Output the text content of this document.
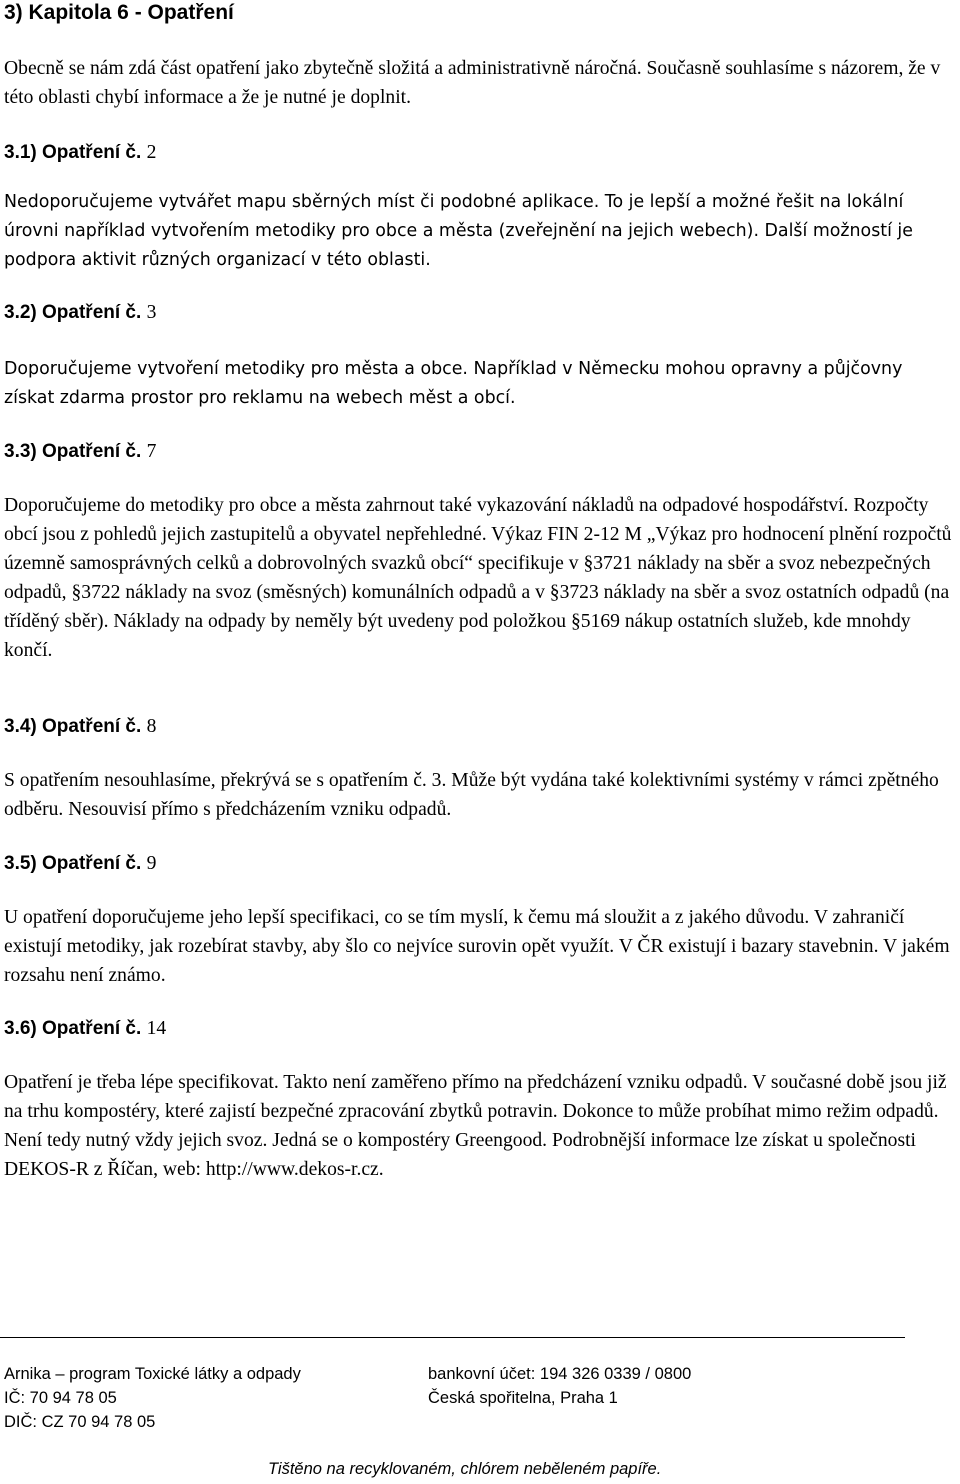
3) Kapitola 6 - Opatření

Obecně se nám zdá část opatření jako zbytečně složitá a administrativně náročná. Současně souhlasíme s názorem, že v této oblasti chybí informace a že je nutné je doplnit.

3.1) Opatření č. 2

Nedoporučujeme vytvářet mapu sběrných míst či podobné aplikace. To je lepší a možné řešit na lokální úrovni například vytvořením metodiky pro obce a města (zveřejnění na jejich webech). Další možností je podpora aktivit různých organizací v této oblasti.

3.2) Opatření č. 3

Doporučujeme vytvoření metodiky pro města a obce. Například v Německu mohou opravny a půjčovny získat zdarma prostor pro reklamu na webech měst a obcí.

3.3) Opatření č. 7

Doporučujeme do metodiky pro obce a města zahrnout také vykazování nákladů na odpadové hospodářství. Rozpočty obcí jsou z pohledů jejich zastupitelů a obyvatel nepřehledné. Výkaz FIN 2-12 M „Výkaz pro hodnocení plnění rozpočtů územně samosprávných celků a dobrovolných svazků obcí“ specifikuje v §3721 náklady na sběr a svoz nebezpečných odpadů, §3722 náklady na svoz (směsných) komunálních odpadů a v §3723 náklady na sběr a svoz ostatních odpadů (na tříděný sběr). Náklady na odpady by neměly být uvedeny pod položkou §5169 nákup ostatních služeb, kde mnohdy končí.

3.4) Opatření č. 8

S opatřením nesouhlasíme, překrývá se s opatřením č. 3. Může být vydána také kolektivními systémy v rámci zpětného odběru. Nesouvisí přímo s předcházením vzniku odpadů.

3.5) Opatření č. 9

U opatření doporučujeme jeho lepší specifikaci, co se tím myslí, k čemu má sloužit a z jakého důvodu. V zahraničí existují metodiky, jak rozebírat stavby, aby šlo co nejvíce surovin opět využít. V ČR existují i bazary stavebnin. V jakém rozsahu není známo.

3.6) Opatření č. 14

Opatření je třeba lépe specifikovat. Takto není zaměřeno přímo na předcházení vzniku odpadů. V současné době jsou již na trhu kompostéry, které zajistí bezpečné zpracování zbytků potravin. Dokonce to může probíhat mimo režim odpadů. Není tedy nutný vždy jejich svoz. Jedná se o kompostéry Greengood. Podrobnější informace lze získat u společnosti DEKOS-R z Říčan, web: http://www.dekos-r.cz.

Arnika – program Toxické látky a odpady

IČ: 70 94 78 05

DIČ: CZ 70 94 78 05

bankovní účet: 194 326 0339 / 0800

Česká spořitelna, Praha 1

Tištěno na recyklovaném, chlórem neběleném papíře.
